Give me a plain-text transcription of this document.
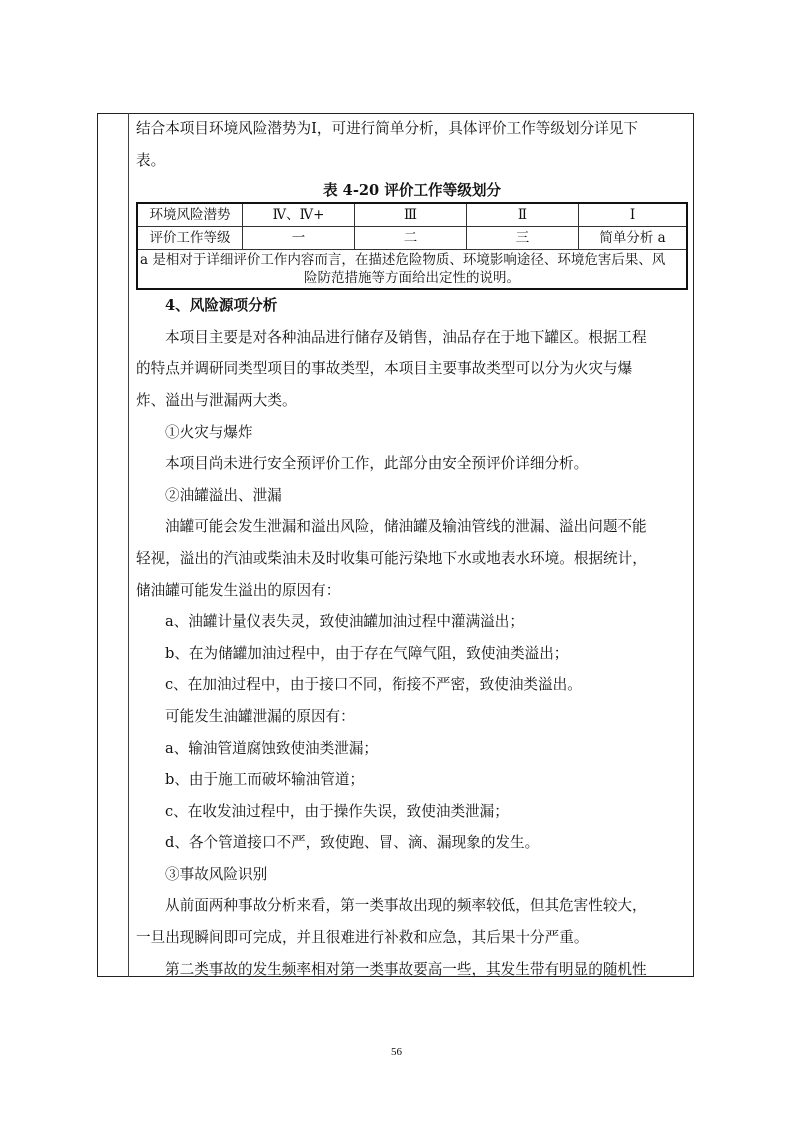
结合本项目环境风险潜势为I，可进行简单分析，具体评价工作等级划分详见下

表。

表 4-20 评价工作等级划分

环境风险潜势	Ⅳ、Ⅳ+	Ⅲ	Ⅱ	Ⅰ
评价工作等级	一	二	三	简单分析 a
a 是相对于详细评价工作内容而言，在描述危险物质、环境影响途径、环境危害后果、风
险防范措施等方面给出定性的说明。				

4、风险源项分析

本项目主要是对各种油品进行储存及销售，油品存在于地下罐区。根据工程

的特点并调研同类型项目的事故类型，本项目主要事故类型可以分为火灾与爆

炸、溢出与泄漏两大类。

①火灾与爆炸

本项目尚未进行安全预评价工作，此部分由安全预评价详细分析。

②油罐溢出、泄漏

油罐可能会发生泄漏和溢出风险，储油罐及输油管线的泄漏、溢出问题不能

轻视，溢出的汽油或柴油未及时收集可能污染地下水或地表水环境。根据统计，

储油罐可能发生溢出的原因有：

a、油罐计量仪表失灵，致使油罐加油过程中灌满溢出；

b、在为储罐加油过程中，由于存在气障气阻，致使油类溢出；

c、在加油过程中，由于接口不同，衔接不严密，致使油类溢出。

可能发生油罐泄漏的原因有：

a、输油管道腐蚀致使油类泄漏；

b、由于施工而破坏输油管道；

c、在收发油过程中，由于操作失误，致使油类泄漏；

d、各个管道接口不严，致使跑、冒、滴、漏现象的发生。

③事故风险识别

从前面两种事故分析来看，第一类事故出现的频率较低，但其危害性较大，

一旦出现瞬间即可完成，并且很难进行补救和应急，其后果十分严重。

第二类事故的发生频率相对第一类事故要高一些，其发生带有明显的随机性

56
